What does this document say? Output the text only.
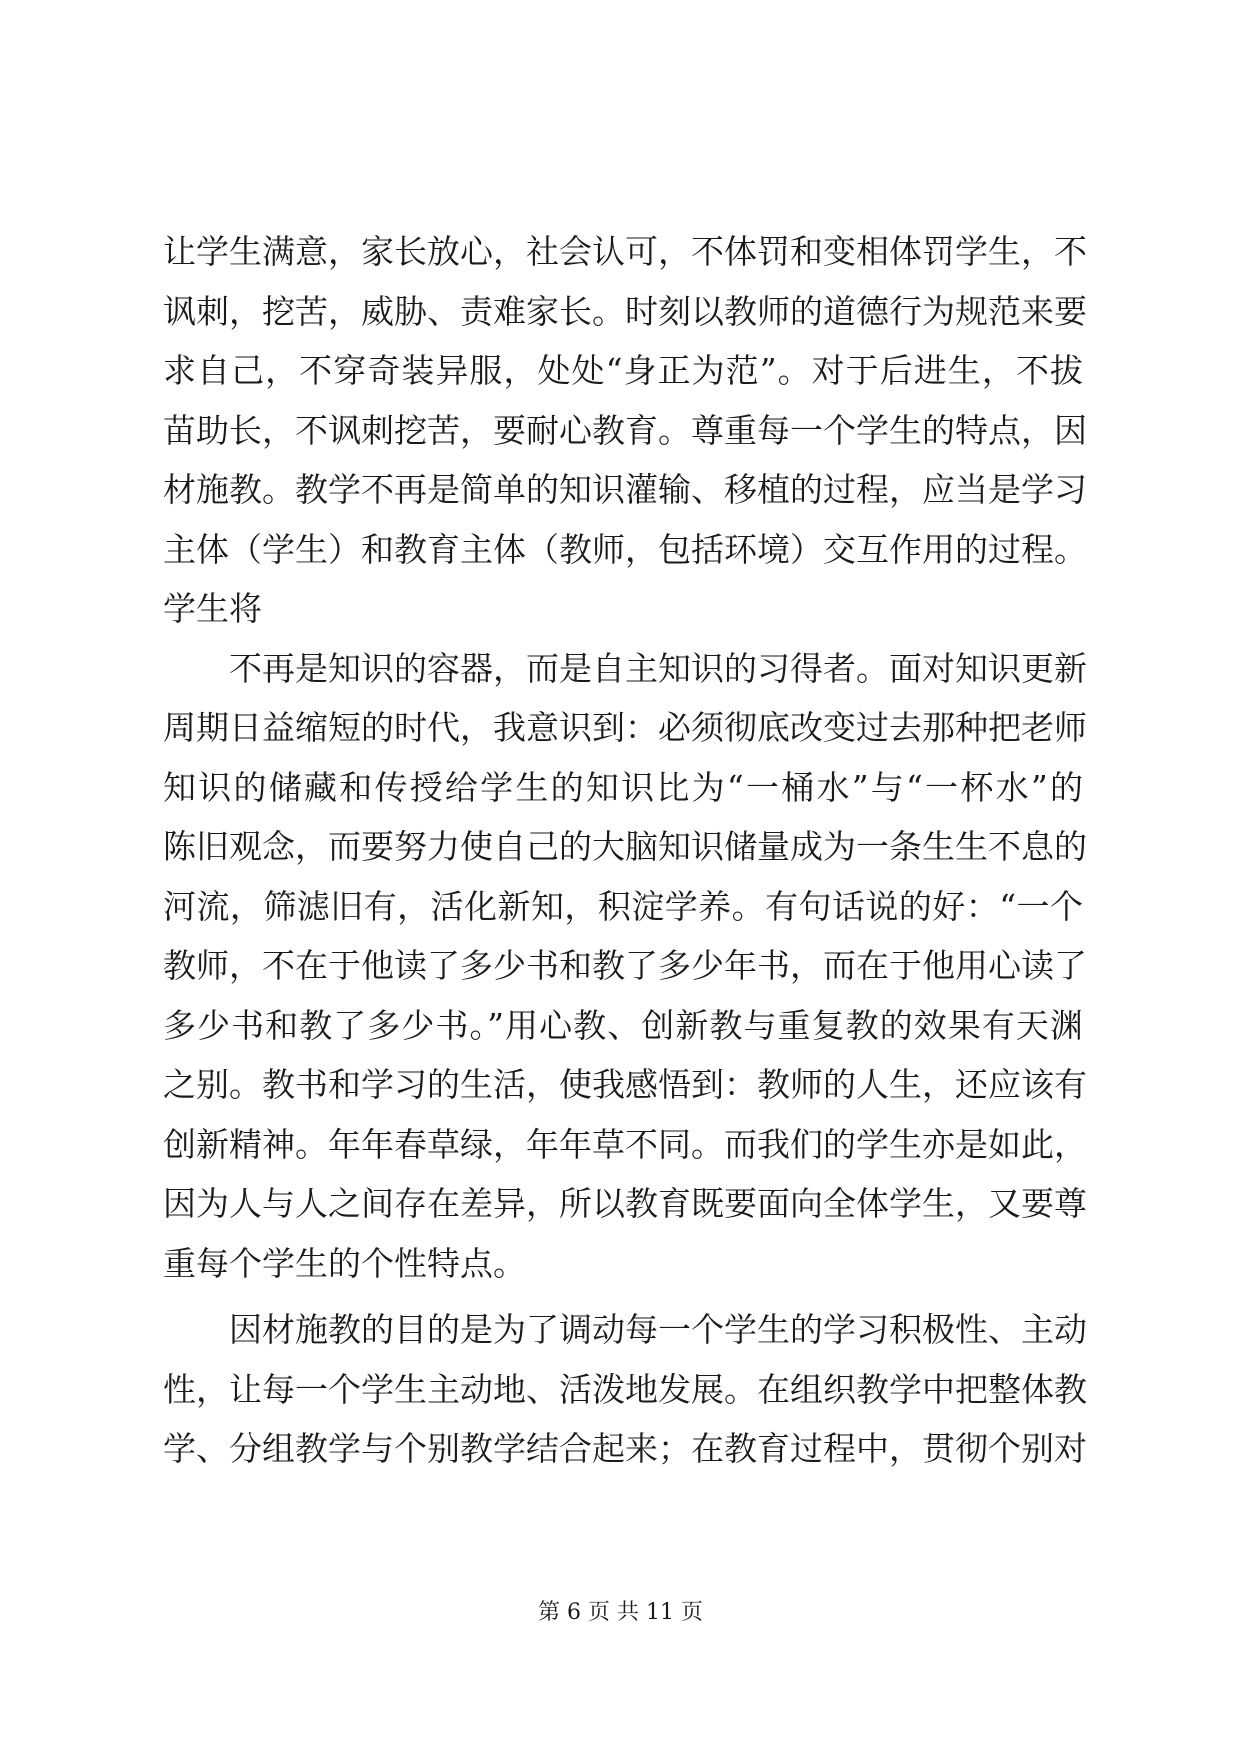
让学生满意，家长放心，社会认可，不体罚和变相体罚学生，不
讽刺，挖苦，威胁、责难家长。时刻以教师的道德行为规范来要
求自己，不穿奇装异服，处处“身正为范”。对于后进生，不拔
苗助长，不讽刺挖苦，要耐心教育。尊重每一个学生的特点，因
材施教。教学不再是简单的知识灌输、移植的过程，应当是学习
主体（学生）和教育主体（教师，包括环境）交互作用的过程。
学生将
不再是知识的容器，而是自主知识的习得者。面对知识更新
周期日益缩短的时代，我意识到：必须彻底改变过去那种把老师
知识的储藏和传授给学生的知识比为“一桶水”与“一杯水”的
陈旧观念，而要努力使自己的大脑知识储量成为一条生生不息的
河流，筛滤旧有，活化新知，积淀学养。有句话说的好：“一个
教师，不在于他读了多少书和教了多少年书，而在于他用心读了
多少书和教了多少书。”用心教、创新教与重复教的效果有天渊
之别。教书和学习的生活，使我感悟到：教师的人生，还应该有
创新精神。年年春草绿，年年草不同。而我们的学生亦是如此，
因为人与人之间存在差异，所以教育既要面向全体学生，又要尊
重每个学生的个性特点。
因材施教的目的是为了调动每一个学生的学习积极性、主动
性，让每一个学生主动地、活泼地发展。在组织教学中把整体教
学、分组教学与个别教学结合起来；在教育过程中，贯彻个别对
第 6 页 共 11 页
